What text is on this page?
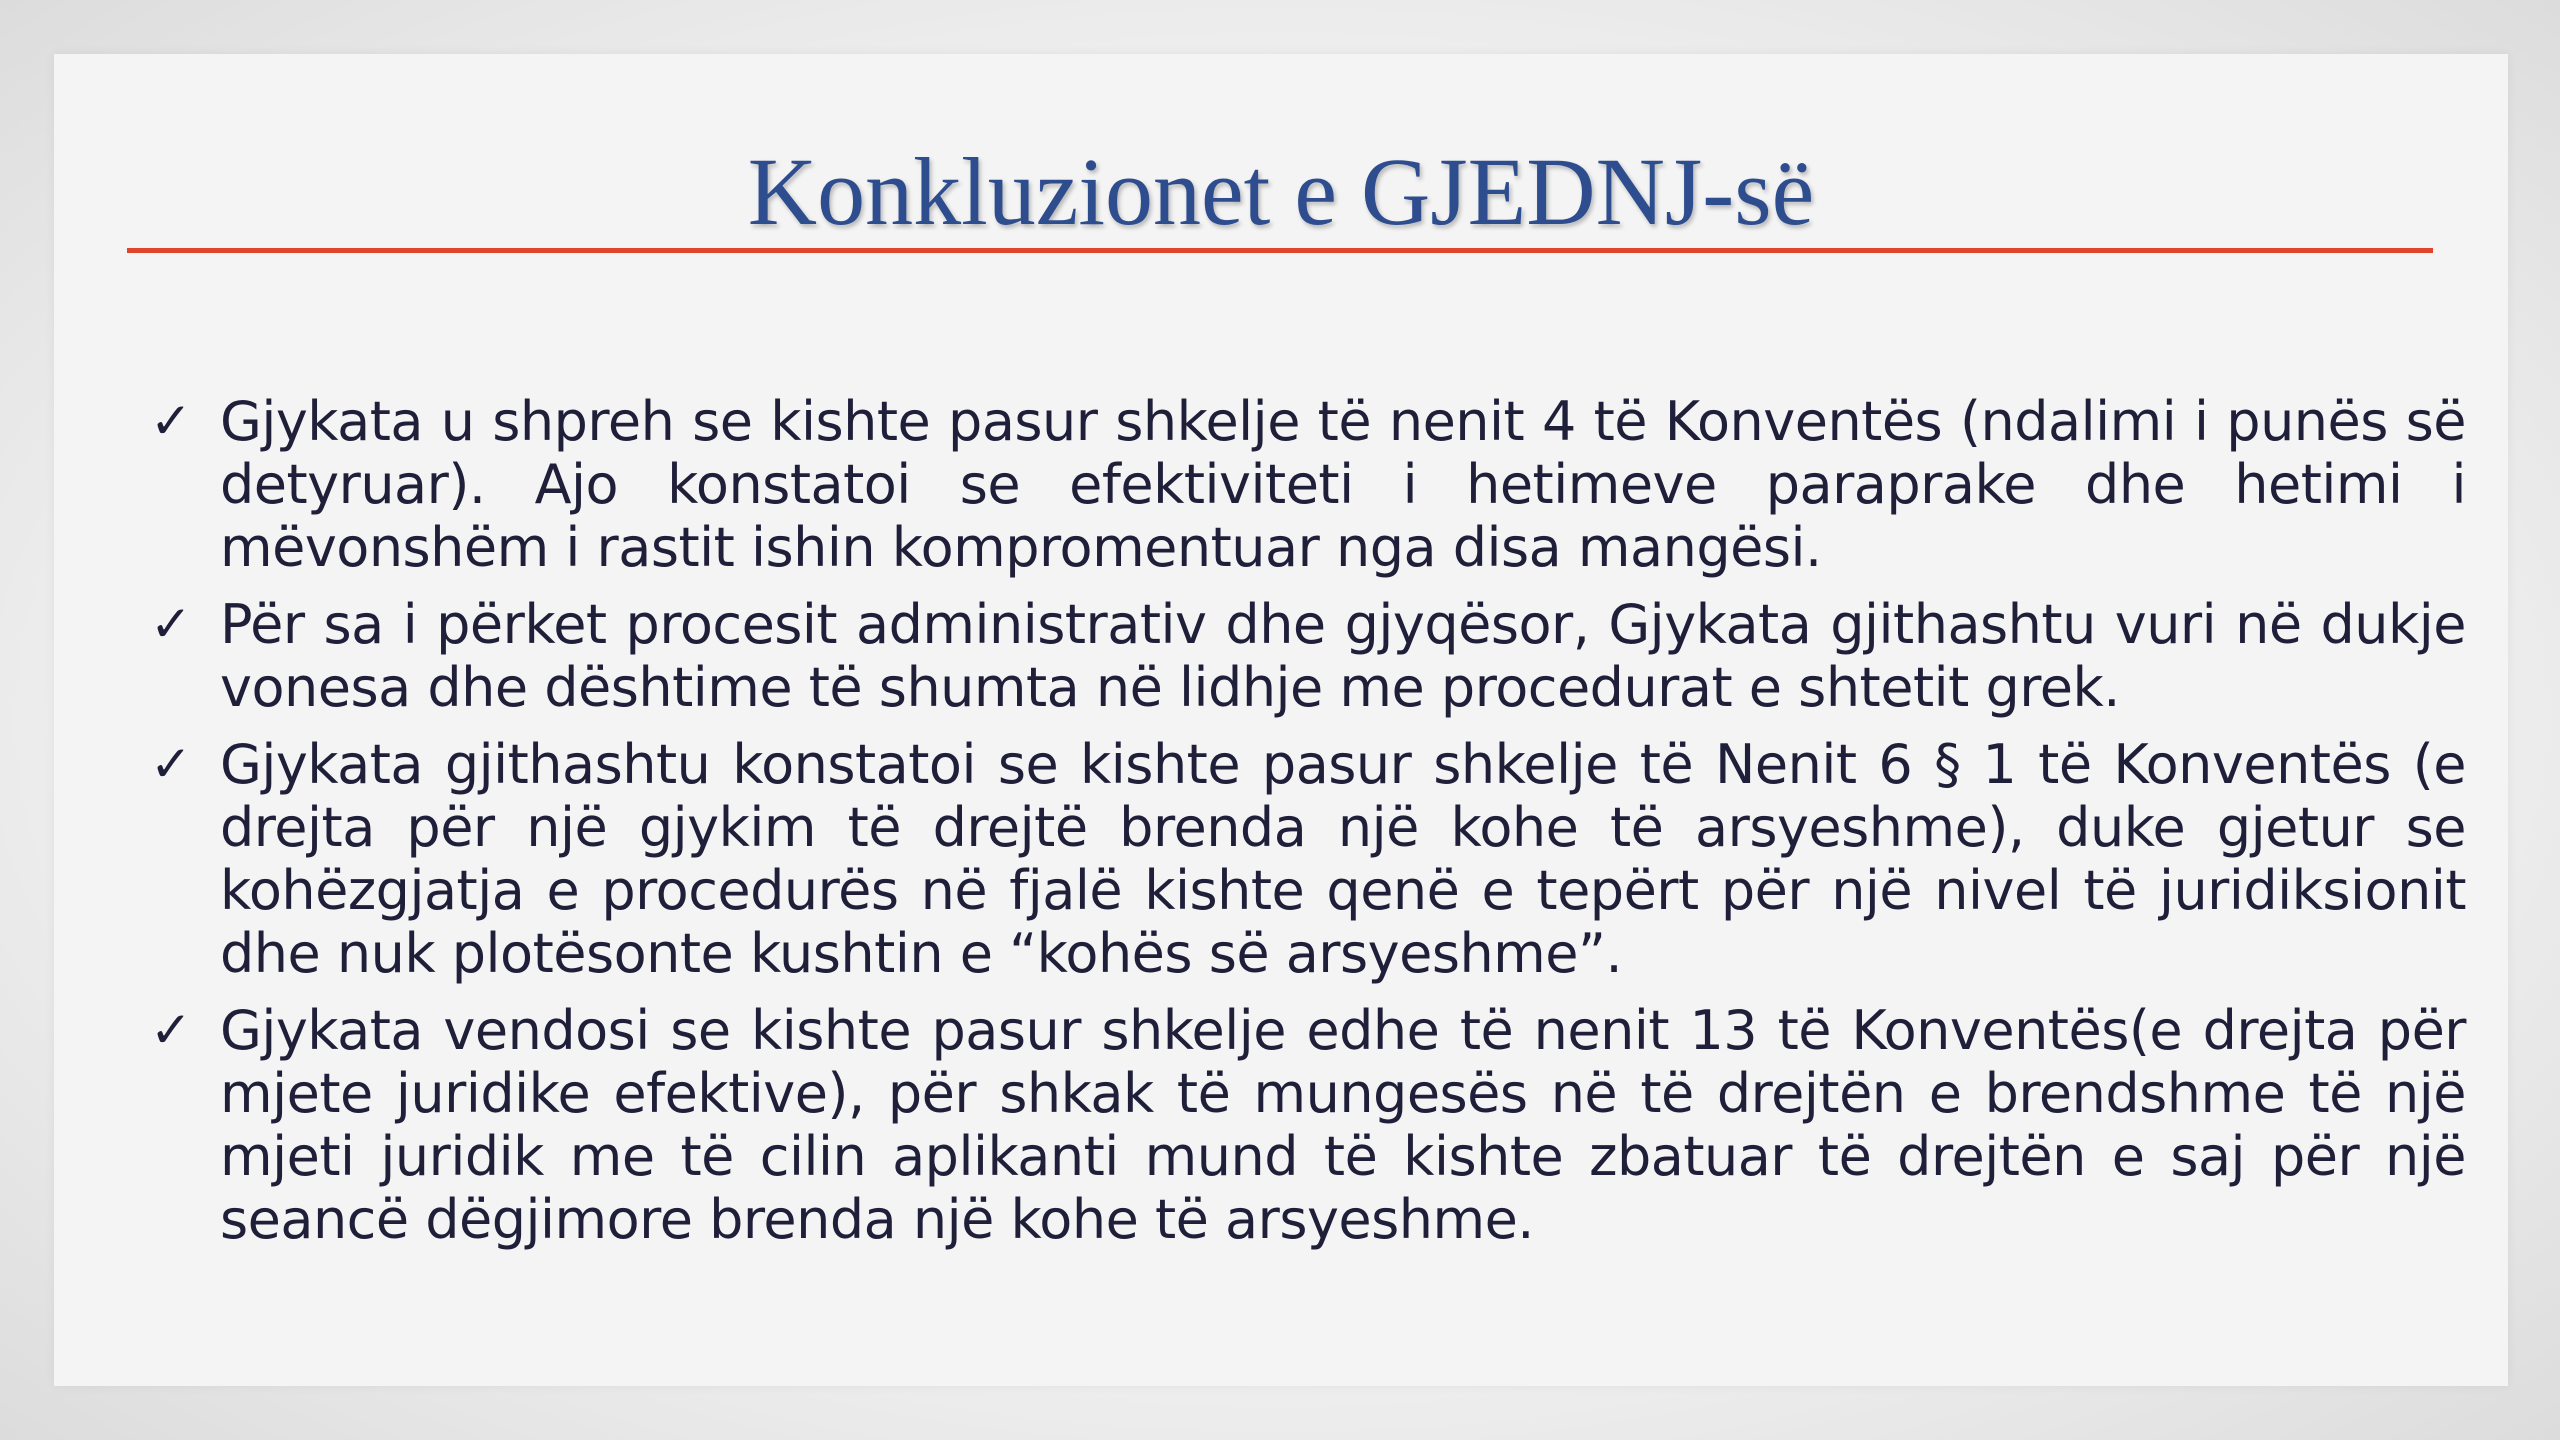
Konkluzionet e GJEDNJ-së
✓ Gjykata u shpreh se kishte pasur shkelje të nenit 4 të Konventës (ndalimi i punës së detyruar). Ajo konstatoi se efektiviteti i hetimeve paraprake dhe hetimi i mëvonshëm i rastit ishin kompromentuar nga disa mangësi.
✓ Për sa i përket procesit administrativ dhe gjyqësor, Gjykata gjithashtu vuri në dukje vonesa dhe dështime të shumta në lidhje me procedurat e shtetit grek.
✓ Gjykata gjithashtu konstatoi se kishte pasur shkelje të Nenit 6 § 1 të Konventës (e drejta për një gjykim të drejtë brenda një kohe të arsyeshme), duke gjetur se kohëzgjatja e procedurës në fjalë kishte qenë e tepërt për një nivel të juridiksionit dhe nuk plotësonte kushtin e “kohës së arsyeshme”.
✓ Gjykata vendosi se kishte pasur shkelje edhe të nenit 13 të Konventës(e drejta për mjete juridike efektive), për shkak të mungesës në të drejtën e brendshme të një mjeti juridik me të cilin aplikanti mund të kishte zbatuar të drejtën e saj për një seancë dëgjimore brenda një kohe të arsyeshme.
